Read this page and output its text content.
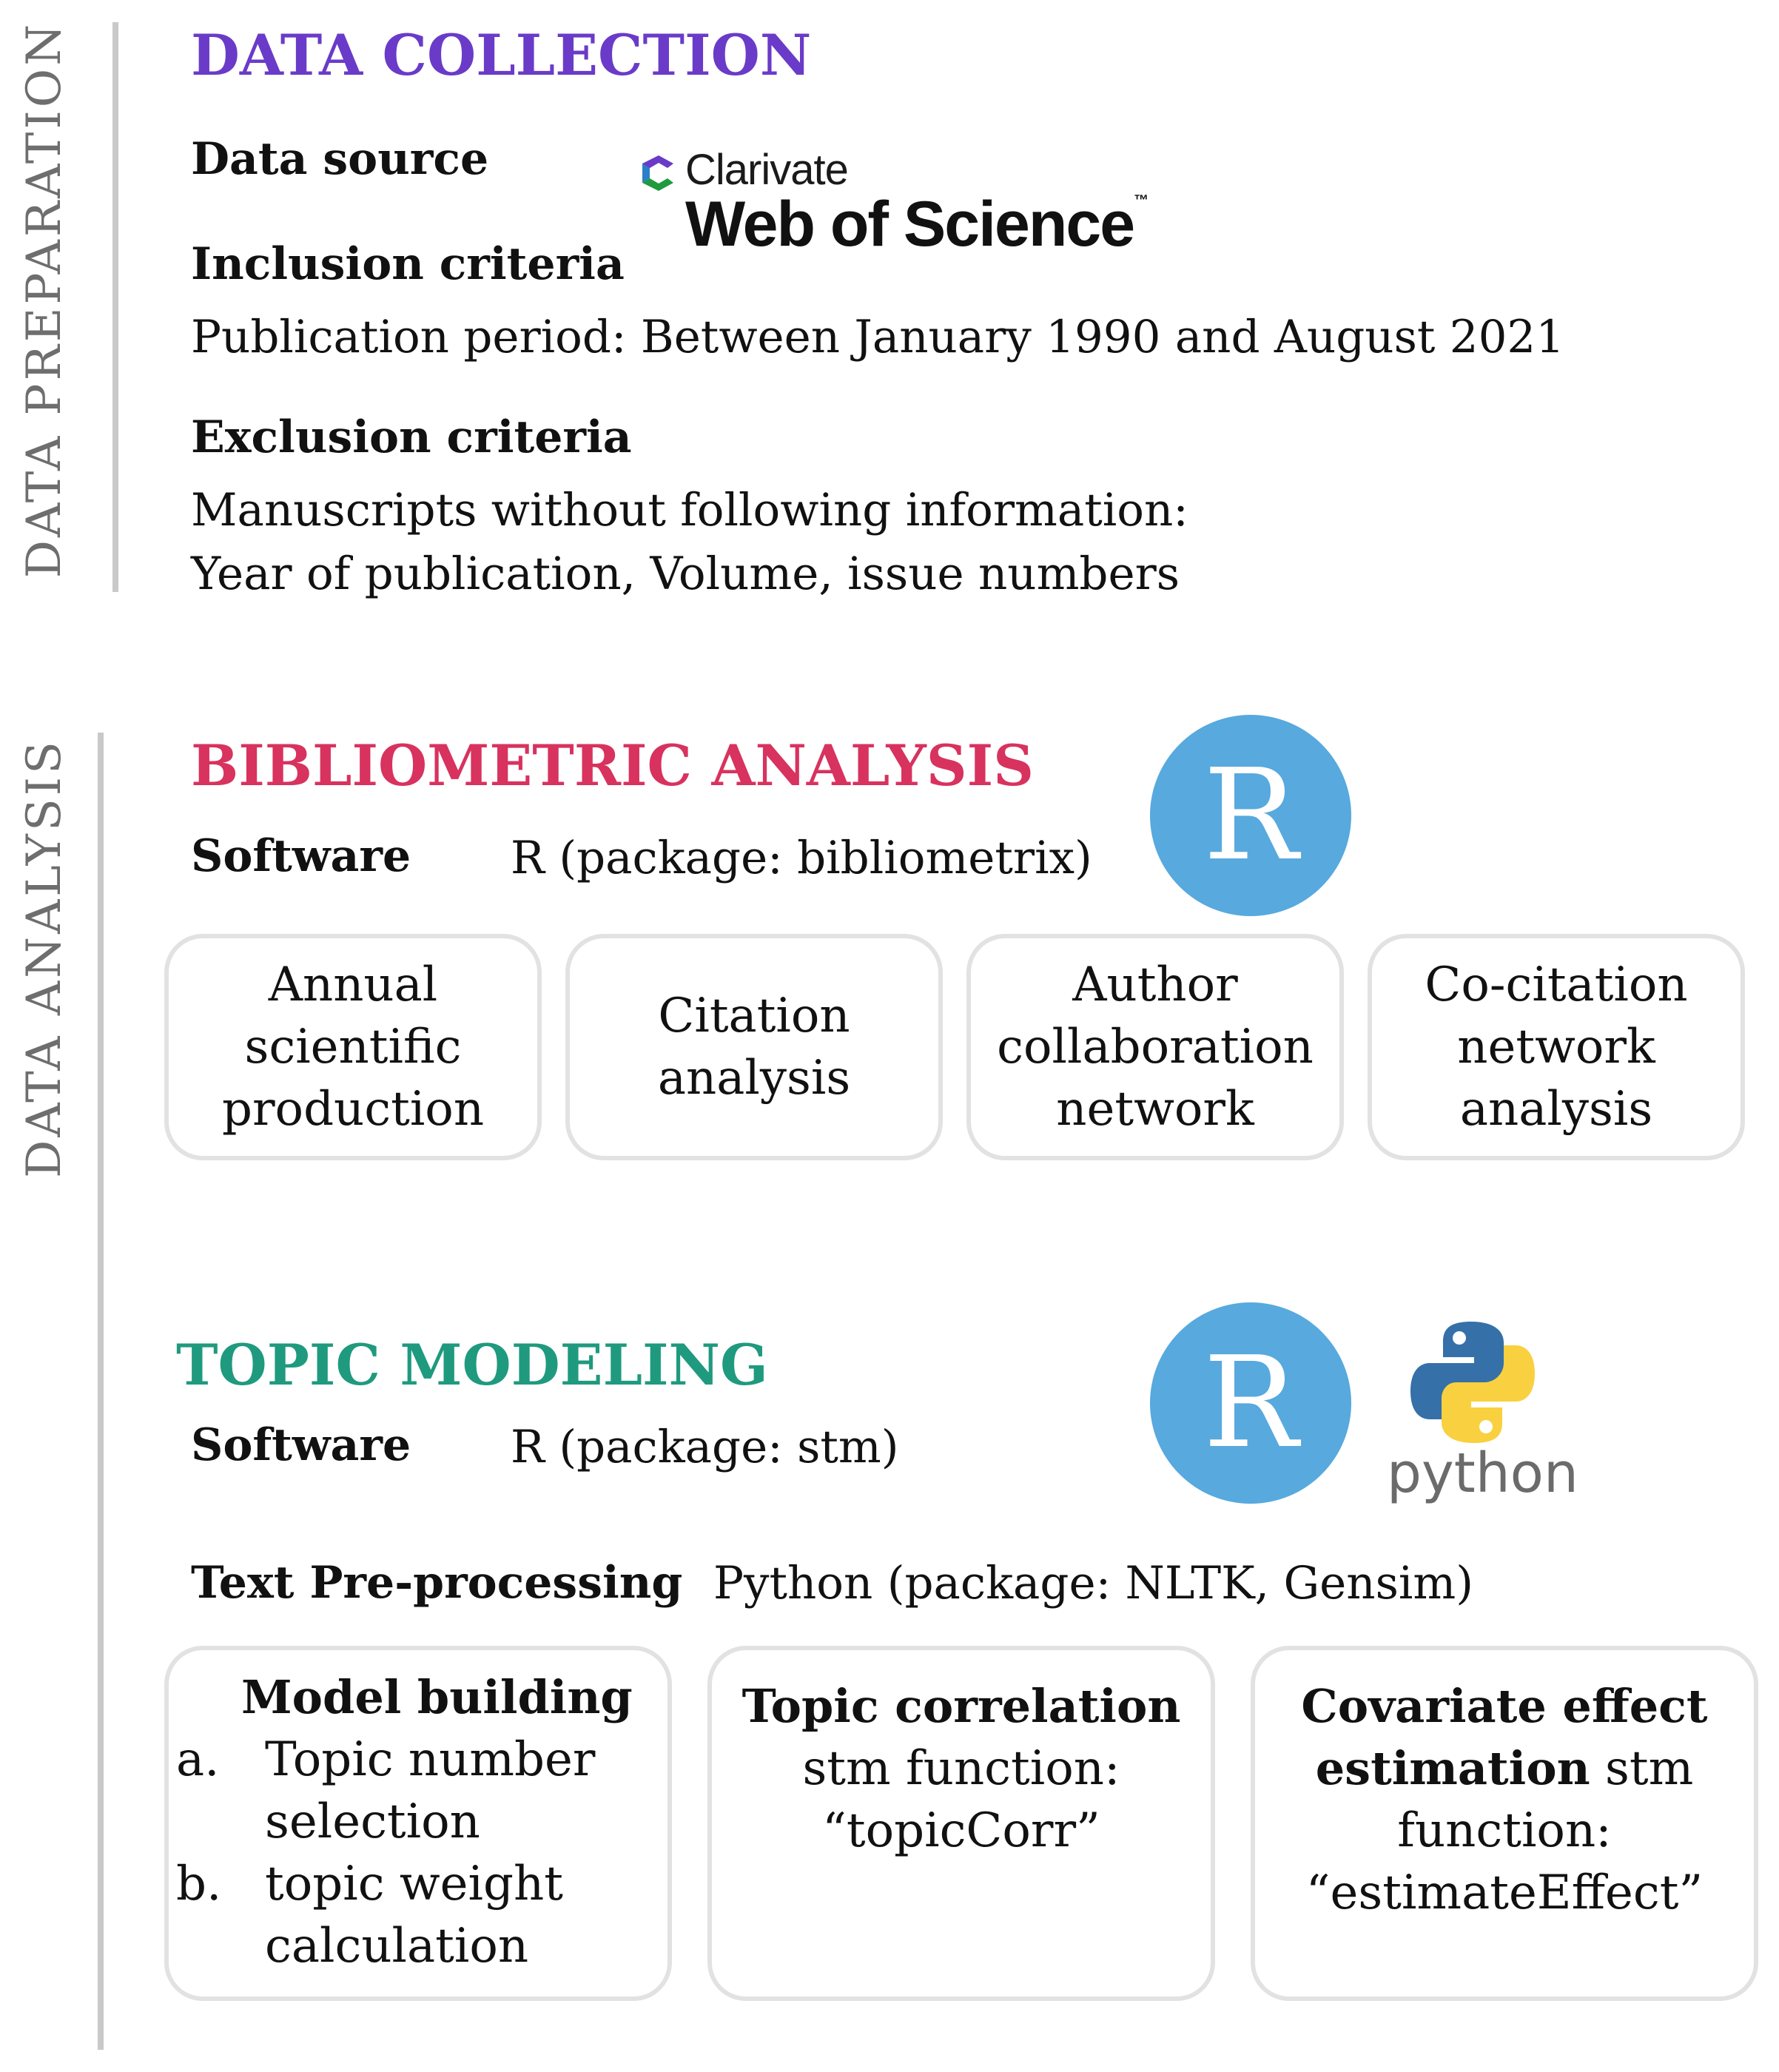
DATA PREPARATION DATA COLLECTION
Data source	Clarivate
Web of Science™
Inclusion criteria
Publication period: Between January 1990 and August 2021
Exclusion criteria
Manuscripts without following information:
Year of publication, Volume, issue numbers
DATA ANALYSIS BIBLIOMETRIC ANALYSIS
Software R (package: bibliometrix) R
Annual
scientific
production
Citation
analysis
Author
collaboration
network
Co-citation
network
analysis
TOPIC MODELING
Software R (package: stm)	R	python
Text Pre-processing Python (package: NLTK, Gensim)
Model building
a. Topic number
selection
b. topic weight
calculation
Topic correlation
stm function:
“topicCorr”
Covariate effect
estimation stm
function:
“estimateEffect”
